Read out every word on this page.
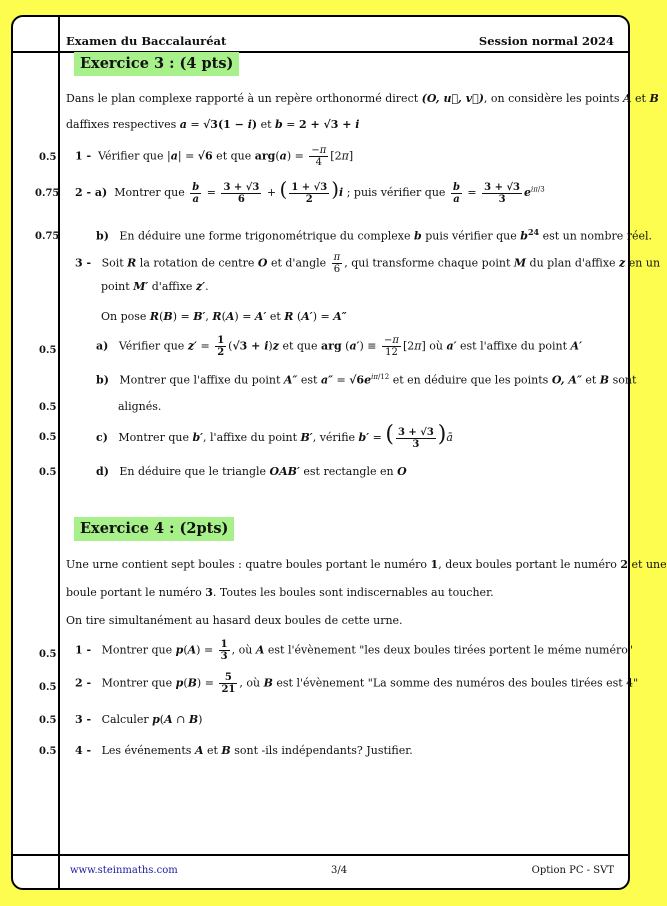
Examen du Baccalauréat	Session normal 2024
Exercice 3 : (4 pts)
Dans le plan complexe rapporté à un repère orthonormé direct (O, u⃗, v⃗), on considère les points A et B
daffixes respectives a = √3(1 − i) et b = 2 + √3 + i
0.5 1 -  Vérifier que |a| = √6 et que $arg(a) = \frac{-\pi}{4} [2\pi]$
0.75 2 - a)  Montrer que $\frac{b}{a} = \frac{3 + √3}{6}$ + ( $\frac{1 + √3}{2} )i$ ; puis vérifier que $\frac{b}{a} = \frac{3 + √3}{3} e^{i\pi/3}$
0.75	b)   En déduire une forme trigonométrique du complexe b puis vérifier que $b^{24}$ est un nombre réel.
3 -   Soit R la rotation de centre O et d'angle $\frac{\pi}{6}$ , qui transforme chaque point M du plan d'affixe z en un
point M′ d'affixe z′.
On pose R(B) = B′, R(A) = A′ et R (A′) = A″
0.5	a)   Vérifier que $z' = \frac{1}{2} (√3 + i)z$ et que arg $(a') \equiv \frac{-\pi}{12} [2\pi]$ où a′ est l'affixe du point A′
b)   Montrer que l'affixe du point A″ est $a'' = √6e^{i\pi/12}$ et en déduire que les points O, A″ et B sont
0.5	alignés.
0.5	c)   Montrer que b′, l'affixe du point B′, vérifie b′ = ( $\frac{3 + √3}{3}$ )ā
0.5	d)   En déduire que le triangle OAB′ est rectangle en O
Exercice 4 : (2pts)
Une urne contient sept boules : quatre boules portant le numéro 1, deux boules portant le numéro 2 et une
boule portant le numéro 3. Toutes les boules sont indiscernables au toucher.
On tire simultanément au hasard deux boules de cette urne.
0.5 1 -   Montrer que $p(A) = \frac{1}{3}$ , où A est l'évènement "les deux boules tirées portent le méme numéro"
0.5 2 -   Montrer que $p(B) = \frac{5}{21}$ , où B est l'évènement "La somme des numéros des boules tirées est 4"
0.5 3 -   Calculer p(A ∩ B)
0.5 4 -   Les événements A et B sont -ils indépendants? Justifier.
www.steinmaths.com	3/4	Option PC - SVT
